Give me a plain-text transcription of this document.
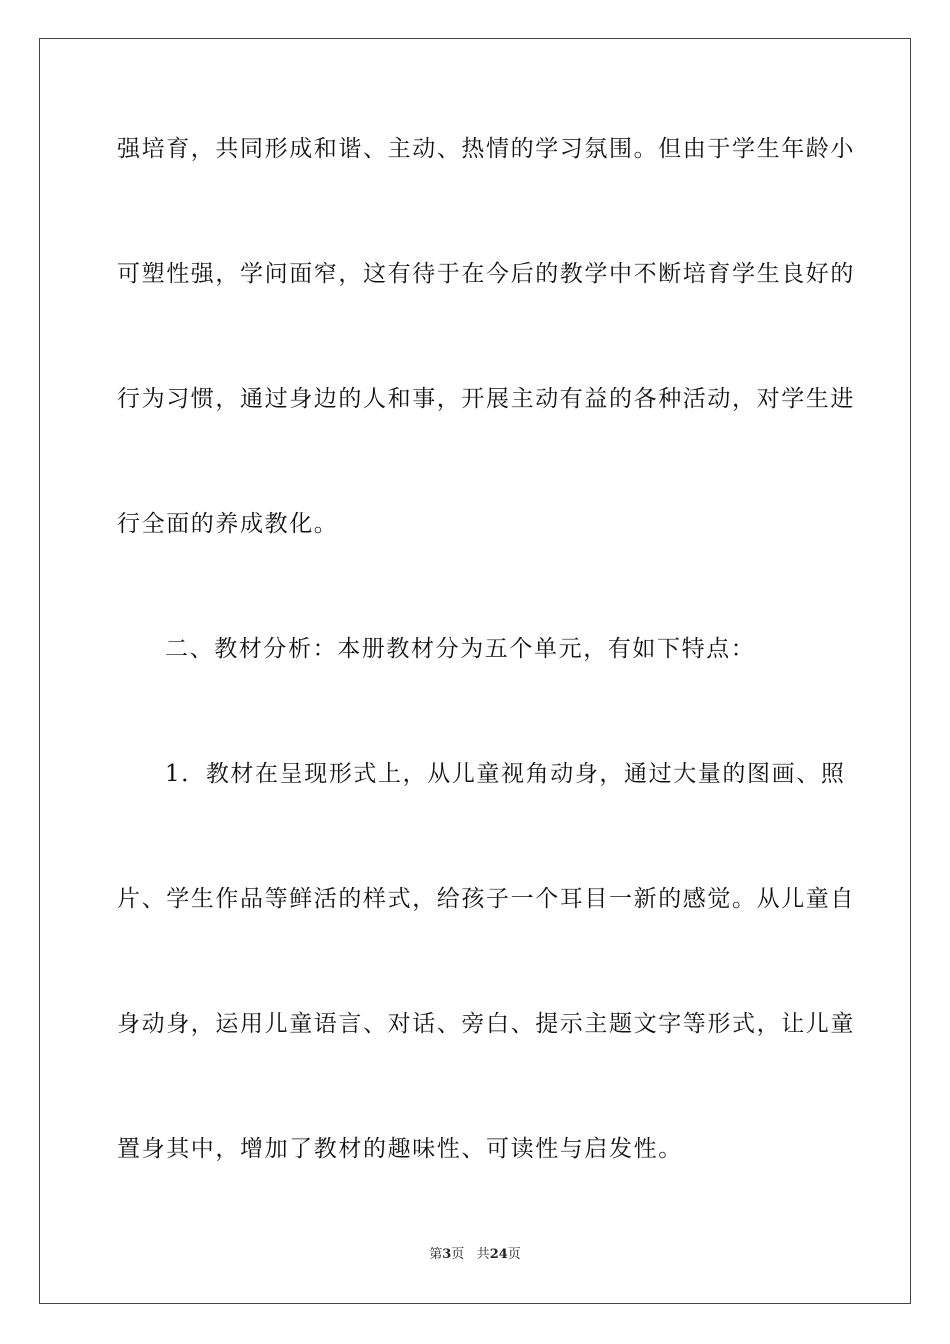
强培育，共同形成和谐、主动、热情的学习氛围。但由于学生年龄小
可塑性强，学问面窄，这有待于在今后的教学中不断培育学生良好的
行为习惯，通过身边的人和事，开展主动有益的各种活动，对学生进
行全面的养成教化。
二、教材分析：本册教材分为五个单元，有如下特点：
1．教材在呈现形式上，从儿童视角动身，通过大量的图画、照
片、学生作品等鲜活的样式，给孩子一个耳目一新的感觉。从儿童自
身动身，运用儿童语言、对话、旁白、提示主题文字等形式，让儿童
置身其中，增加了教材的趣味性、可读性与启发性。
第3页 共24页
